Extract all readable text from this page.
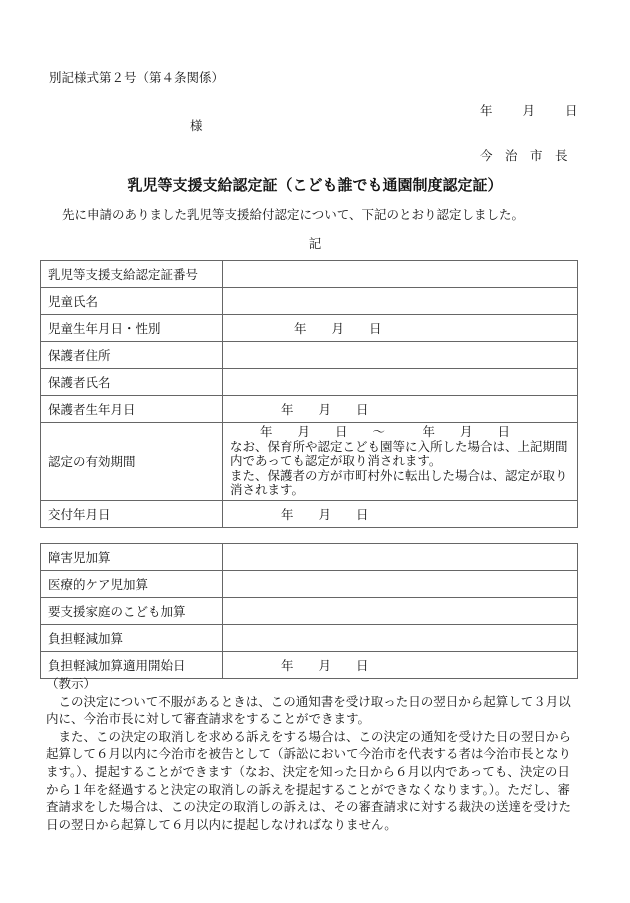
別記様式第２号（第４条関係）
年 月 日
様
今　治　市　長
乳児等支援支給認定証（こども誰でも通園制度認定証）
先に申請のありました乳児等支援給付認定について、下記のとおり認定しました。
記
乳児等支援支給認定証番号	
児童氏名	
児童生年月日・性別	年　　月　　日
保護者住所	
保護者氏名	
保護者生年月日	年　　月　　日
認定の有効期間	年　　月　　日　　～　　　年　　月　　日
なお、保育所や認定こども園等に入所した場合は、上記期間内であっても認定が取り消されます。
また、保護者の方が市町村外に転出した場合は、認定が取り消されます。

交付年月日	年　　月　　日
障害児加算	
医療的ケア児加算	
要支援家庭のこども加算	
負担軽減加算	
負担軽減加算適用開始日	年　　月　　日

（教示）

この決定について不服があるときは、この通知書を受け取った日の翌日から起算して３月以内に、今治市長に対して審査請求をすることができます。

また、この決定の取消しを求める訴えをする場合は、この決定の通知を受けた日の翌日から起算して６月以内に今治市を被告として（訴訟において今治市を代表する者は今治市長となります。）、提起することができます（なお、決定を知った日から６月以内であっても、決定の日から１年を経過すると決定の取消しの訴えを提起することができなくなります。）。ただし、審査請求をした場合は、この決定の取消しの訴えは、その審査請求に対する裁決の送達を受けた日の翌日から起算して６月以内に提起しなければなりません。
